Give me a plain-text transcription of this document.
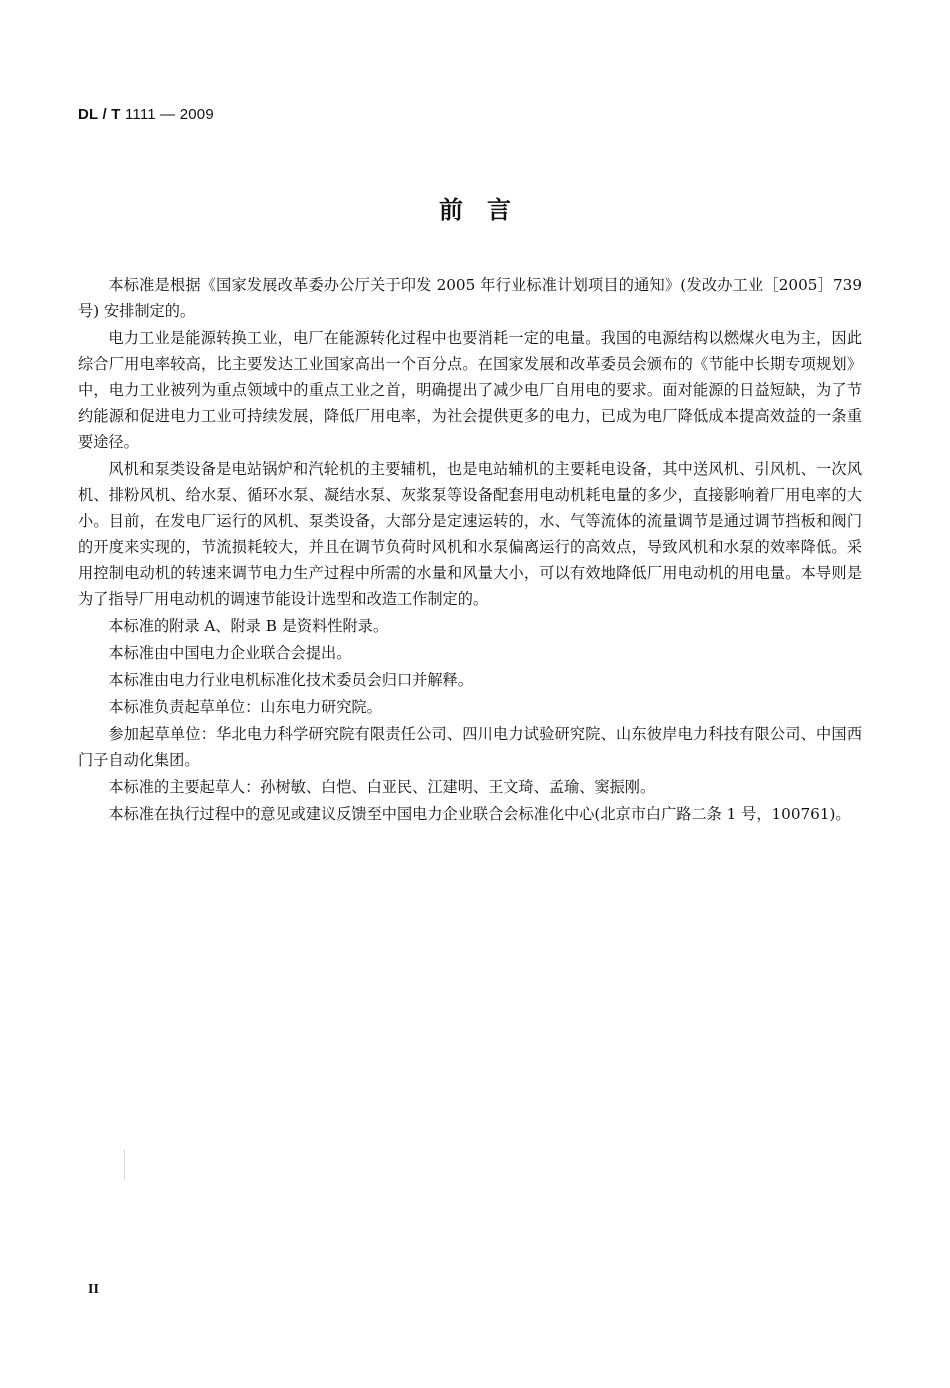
DL / T 1111 — 2009
前　言

本标准是根据《国家发展改革委办公厅关于印发 2005 年行业标准计划项目的通知》(发改办工业［2005］739 号) 安排制定的。

电力工业是能源转换工业，电厂在能源转化过程中也要消耗一定的电量。我国的电源结构以燃煤火电为主，因此综合厂用电率较高，比主要发达工业国家高出一个百分点。在国家发展和改革委员会颁布的《节能中长期专项规划》中，电力工业被列为重点领域中的重点工业之首，明确提出了减少电厂自用电的要求。面对能源的日益短缺，为了节约能源和促进电力工业可持续发展，降低厂用电率，为社会提供更多的电力，已成为电厂降低成本提高效益的一条重要途径。

风机和泵类设备是电站锅炉和汽轮机的主要辅机，也是电站辅机的主要耗电设备，其中送风机、引风机、一次风机、排粉风机、给水泵、循环水泵、凝结水泵、灰浆泵等设备配套用电动机耗电量的多少，直接影响着厂用电率的大小。目前，在发电厂运行的风机、泵类设备，大部分是定速运转的，水、气等流体的流量调节是通过调节挡板和阀门的开度来实现的，节流损耗较大，并且在调节负荷时风机和水泵偏离运行的高效点，导致风机和水泵的效率降低。采用控制电动机的转速来调节电力生产过程中所需的水量和风量大小，可以有效地降低厂用电动机的用电量。本导则是为了指导厂用电动机的调速节能设计选型和改造工作制定的。

本标准的附录 A、附录 B 是资料性附录。

本标准由中国电力企业联合会提出。

本标准由电力行业电机标准化技术委员会归口并解释。

本标准负责起草单位：山东电力研究院。

参加起草单位：华北电力科学研究院有限责任公司、四川电力试验研究院、山东彼岸电力科技有限公司、中国西门子自动化集团。

本标准的主要起草人：孙树敏、白恺、白亚民、江建明、王文琦、孟瑜、窦振刚。

本标准在执行过程中的意见或建议反馈至中国电力企业联合会标准化中心(北京市白广路二条 1 号，100761)。

II
